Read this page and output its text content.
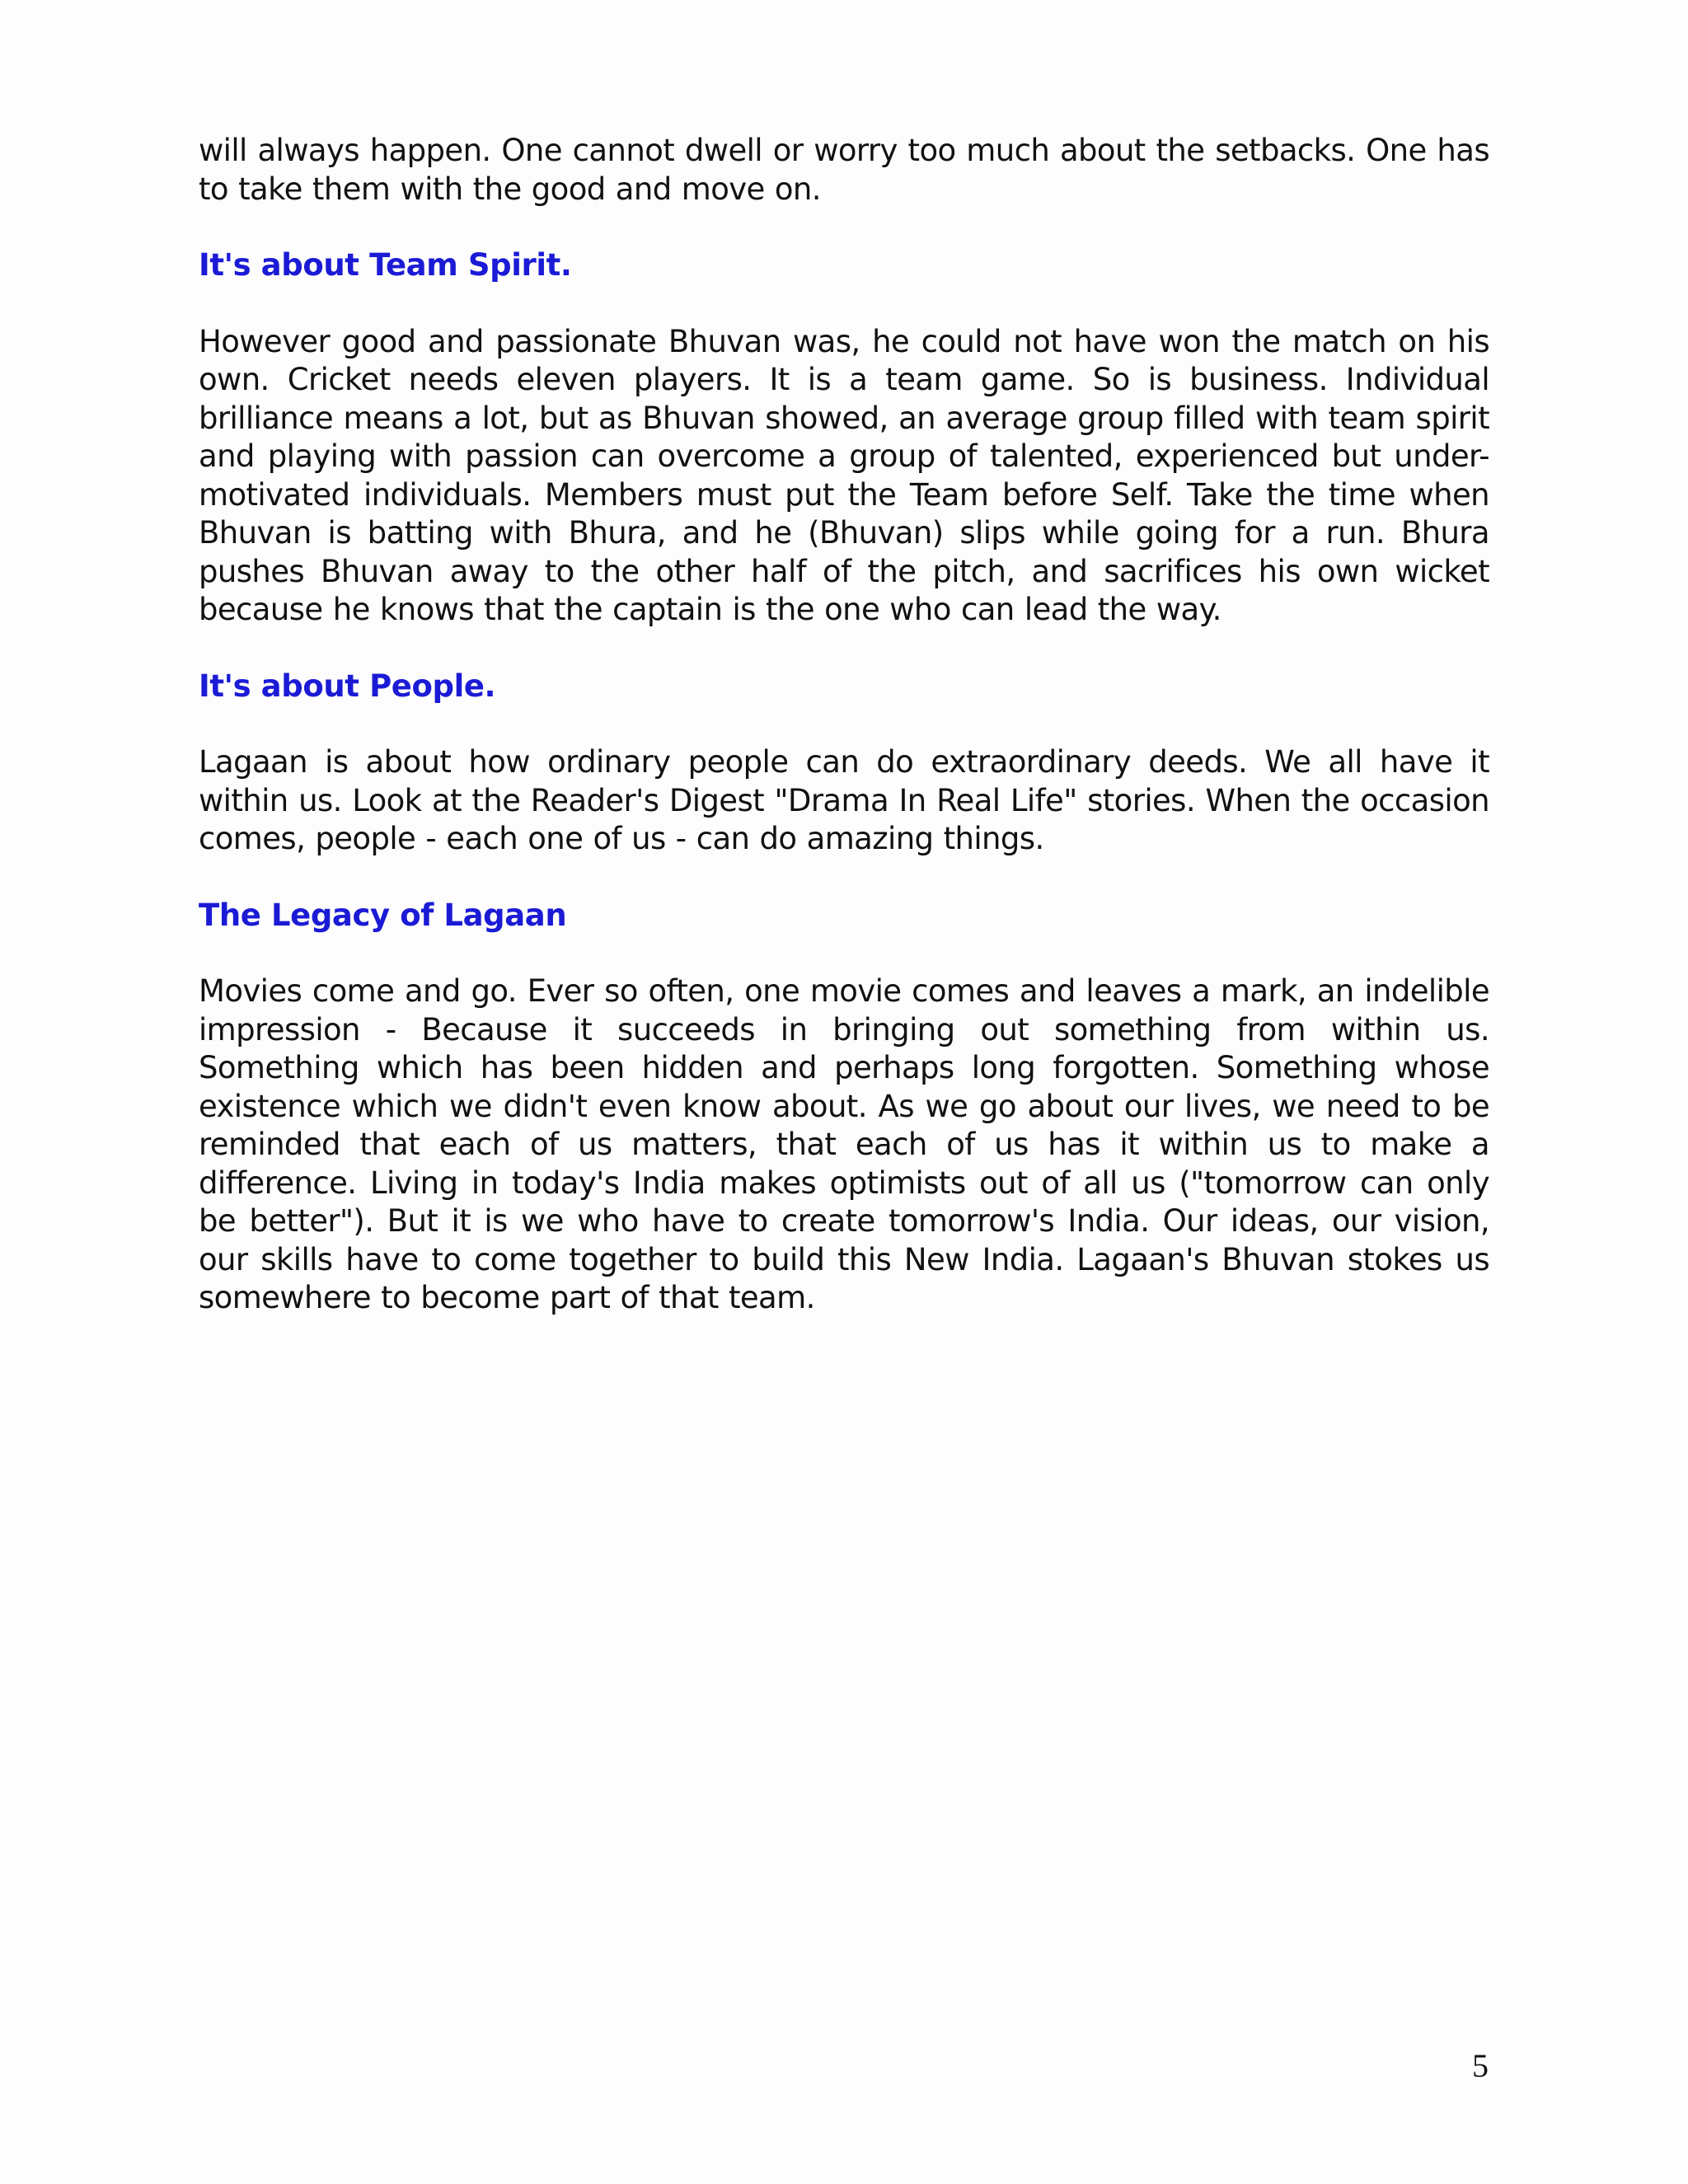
will always happen. One cannot dwell or worry too much about the setbacks. One has to take them with the good and move on.

It's about Team Spirit.

However good and passionate Bhuvan was, he could not have won the match on his own. Cricket needs eleven players. It is a team game. So is business. Individual brilliance means a lot, but as Bhuvan showed, an average group filled with team spirit and playing with passion can overcome a group of talented, experienced but under-motivated individuals. Members must put the Team before Self. Take the time when Bhuvan is batting with Bhura, and he (Bhuvan) slips while going for a run. Bhura pushes Bhuvan away to the other half of the pitch, and sacrifices his own wicket because he knows that the captain is the one who can lead the way.

It's about People.

Lagaan is about how ordinary people can do extraordinary deeds. We all have it within us. Look at the Reader's Digest "Drama In Real Life" stories. When the occasion comes, people - each one of us - can do amazing things.

The Legacy of Lagaan

Movies come and go. Ever so often, one movie comes and leaves a mark, an indelible impression - Because it succeeds in bringing out something from within us. Something which has been hidden and perhaps long forgotten. Something whose existence which we didn't even know about. As we go about our lives, we need to be reminded that each of us matters, that each of us has it within us to make a difference. Living in today's India makes optimists out of all us ("tomorrow can only be better"). But it is we who have to create tomorrow's India. Our ideas, our vision, our skills have to come together to build this New India. Lagaan's Bhuvan stokes us somewhere to become part of that team.

5
